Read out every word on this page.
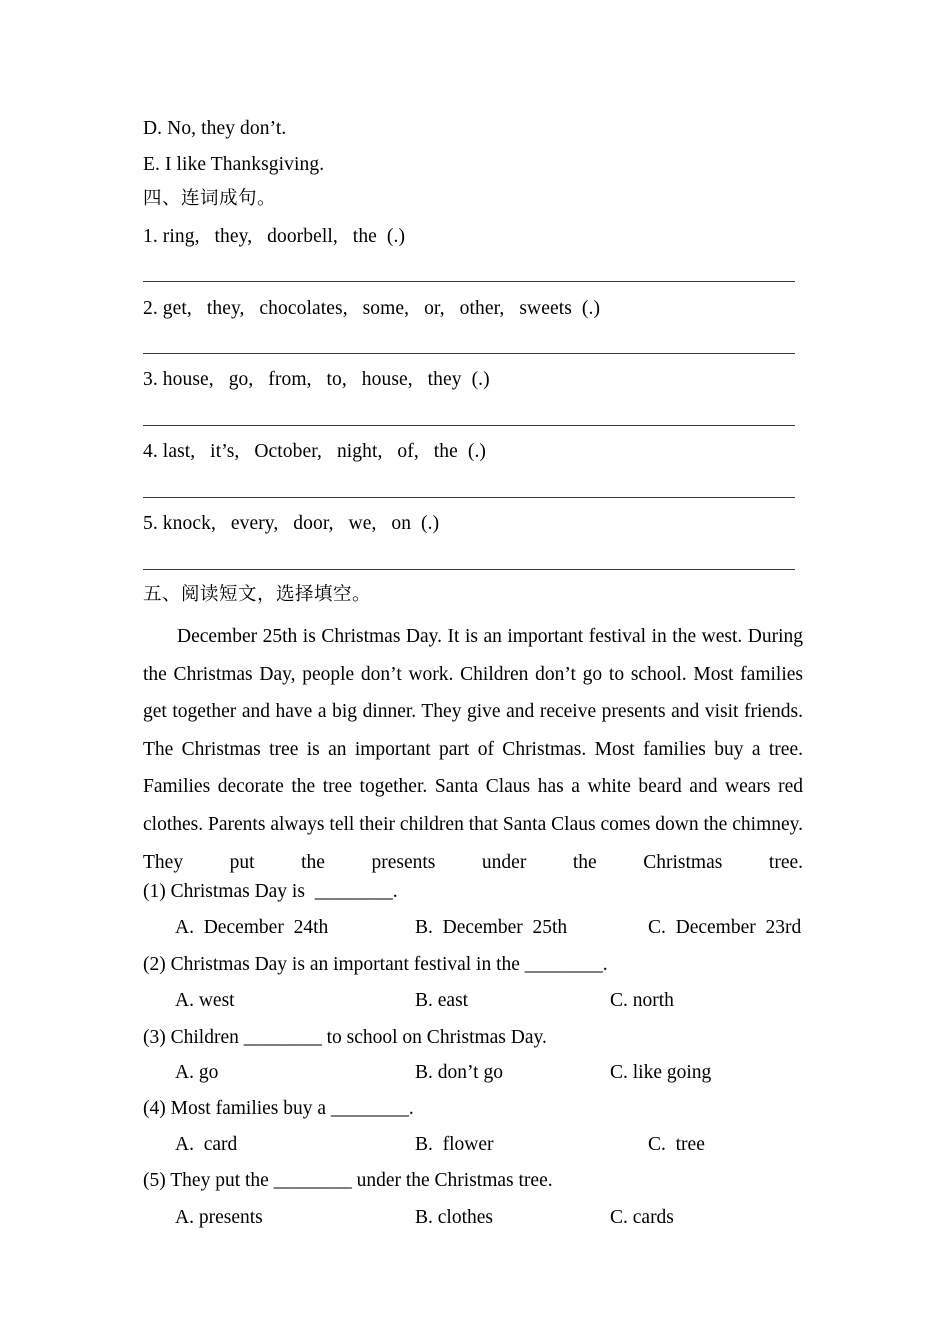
D. No, they don’t.
E. I like Thanksgiving.
四、连词成句。
1. ring,   they,   doorbell,   the  (.)
2. get,   they,   chocolates,   some,   or,   other,   sweets  (.)
3. house,   go,   from,   to,   house,   they  (.)
4. last,   it’s,   October,   night,   of,   the  (.)
5. knock,   every,   door,   we,   on  (.)
五、阅读短文，选择填空。
December 25th is Christmas Day. It is an important festival in the west. During the Christmas Day, people don’t work. Children don’t go to school. Most families get together and have a big dinner. They give and receive presents and visit friends. The Christmas tree is an important part of Christmas. Most families buy a tree. Families decorate the tree together. Santa Claus has a white beard and wears red clothes. Parents always tell their children that Santa Claus comes down the chimney. They put the presents under the Christmas tree.
(1) Christmas Day is  ________.
A.  December  24th	B.  December  25th	C.  December  23rd
(2) Christmas Day is an important festival in the ________.
A. west	B. east	C. north
(3) Children ________ to school on Christmas Day.
A. go	B. don’t go	C. like going
(4) Most families buy a ________.
A.  card	B.  flower	C.  tree
(5) They put the ________ under the Christmas tree.
A. presents	B. clothes	C. cards
